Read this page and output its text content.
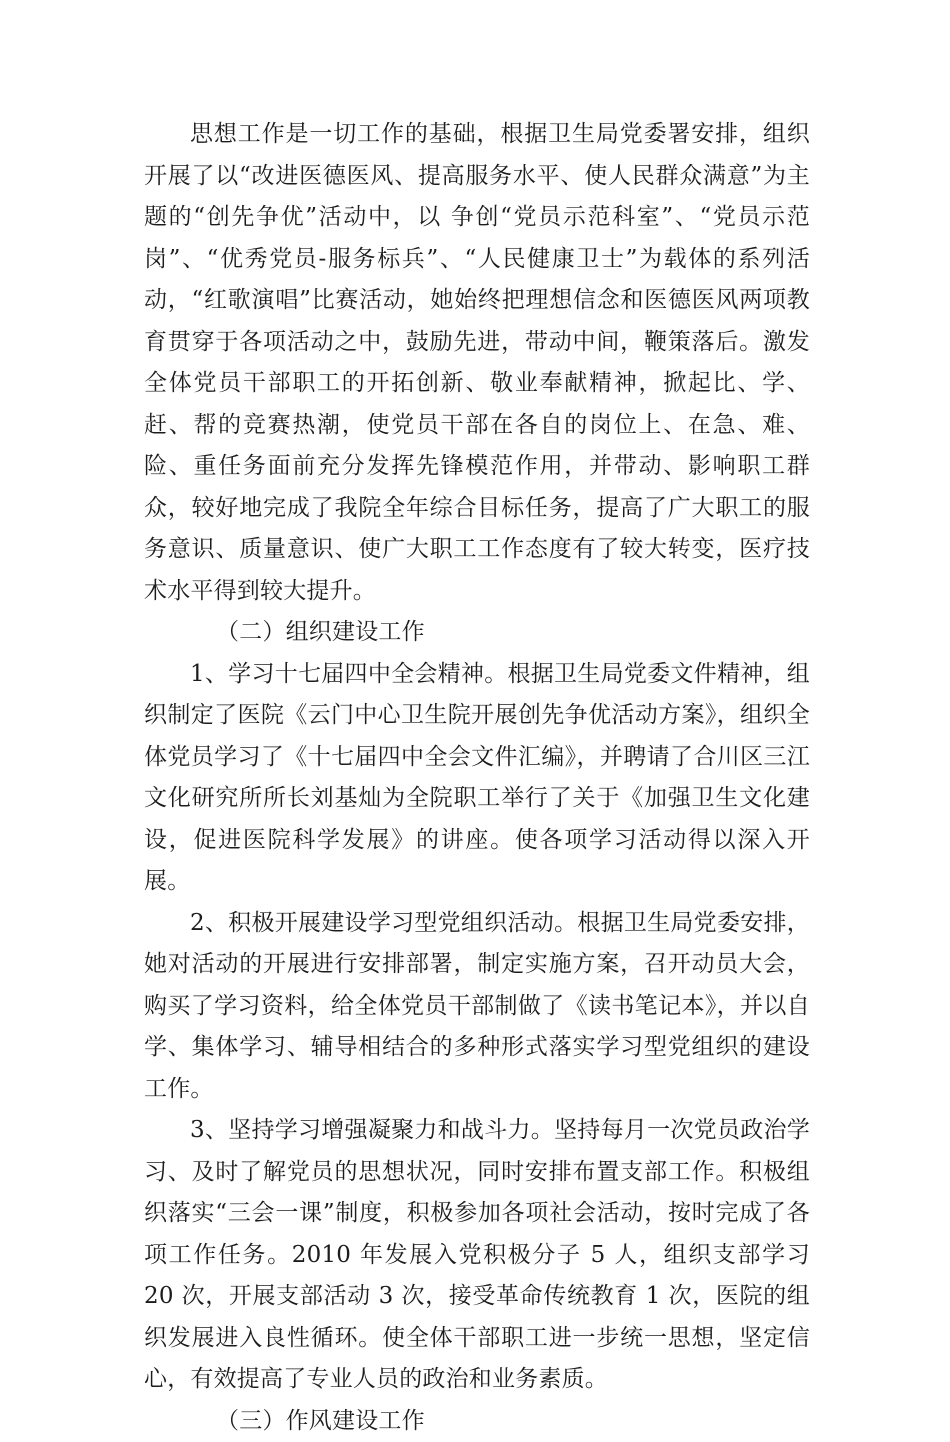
思想工作是一切工作的基础，根据卫生局党委署安排，组织开展了以“改进医德医风、提高服务水平、使人民群众满意”为主题的“创先争优”活动中，以 争创“党员示范科室”、“党员示范岗”、“优秀党员-服务标兵”、“人民健康卫士”为载体的系列活动，“红歌演唱”比赛活动，她始终把理想信念和医德医风两项教育贯穿于各项活动之中，鼓励先进，带动中间，鞭策落后。激发全体党员干部职工的开拓创新、敬业奉献精神，掀起比、学、赶、帮的竞赛热潮，使党员干部在各自的岗位上、在急、难、险、重任务面前充分发挥先锋模范作用，并带动、影响职工群众，较好地完成了我院全年综合目标任务，提高了广大职工的服务意识、质量意识、使广大职工工作态度有了较大转变，医疗技术水平得到较大提升。

（二）组织建设工作

1、学习十七届四中全会精神。根据卫生局党委文件精神，组织制定了医院《云门中心卫生院开展创先争优活动方案》，组织全体党员学习了《十七届四中全会文件汇编》，并聘请了合川区三江文化研究所所长刘基灿为全院职工举行了关于《加强卫生文化建设，促进医院科学发展》的讲座。使各项学习活动得以深入开展。

2、积极开展建设学习型党组织活动。根据卫生局党委安排，她对活动的开展进行安排部署，制定实施方案，召开动员大会，购买了学习资料，给全体党员干部制做了《读书笔记本》，并以自学、集体学习、辅导相结合的多种形式落实学习型党组织的建设工作。

3、坚持学习增强凝聚力和战斗力。坚持每月一次党员政治学习、及时了解党员的思想状况，同时安排布置支部工作。积极组织落实“三会一课”制度，积极参加各项社会活动，按时完成了各项工作任务。2010 年发展入党积极分子 5 人，组织支部学习 20 次，开展支部活动 3 次，接受革命传统教育 1 次，医院的组织发展进入良性循环。使全体干部职工进一步统一思想，坚定信心，有效提高了专业人员的政治和业务素质。

（三）作风建设工作
